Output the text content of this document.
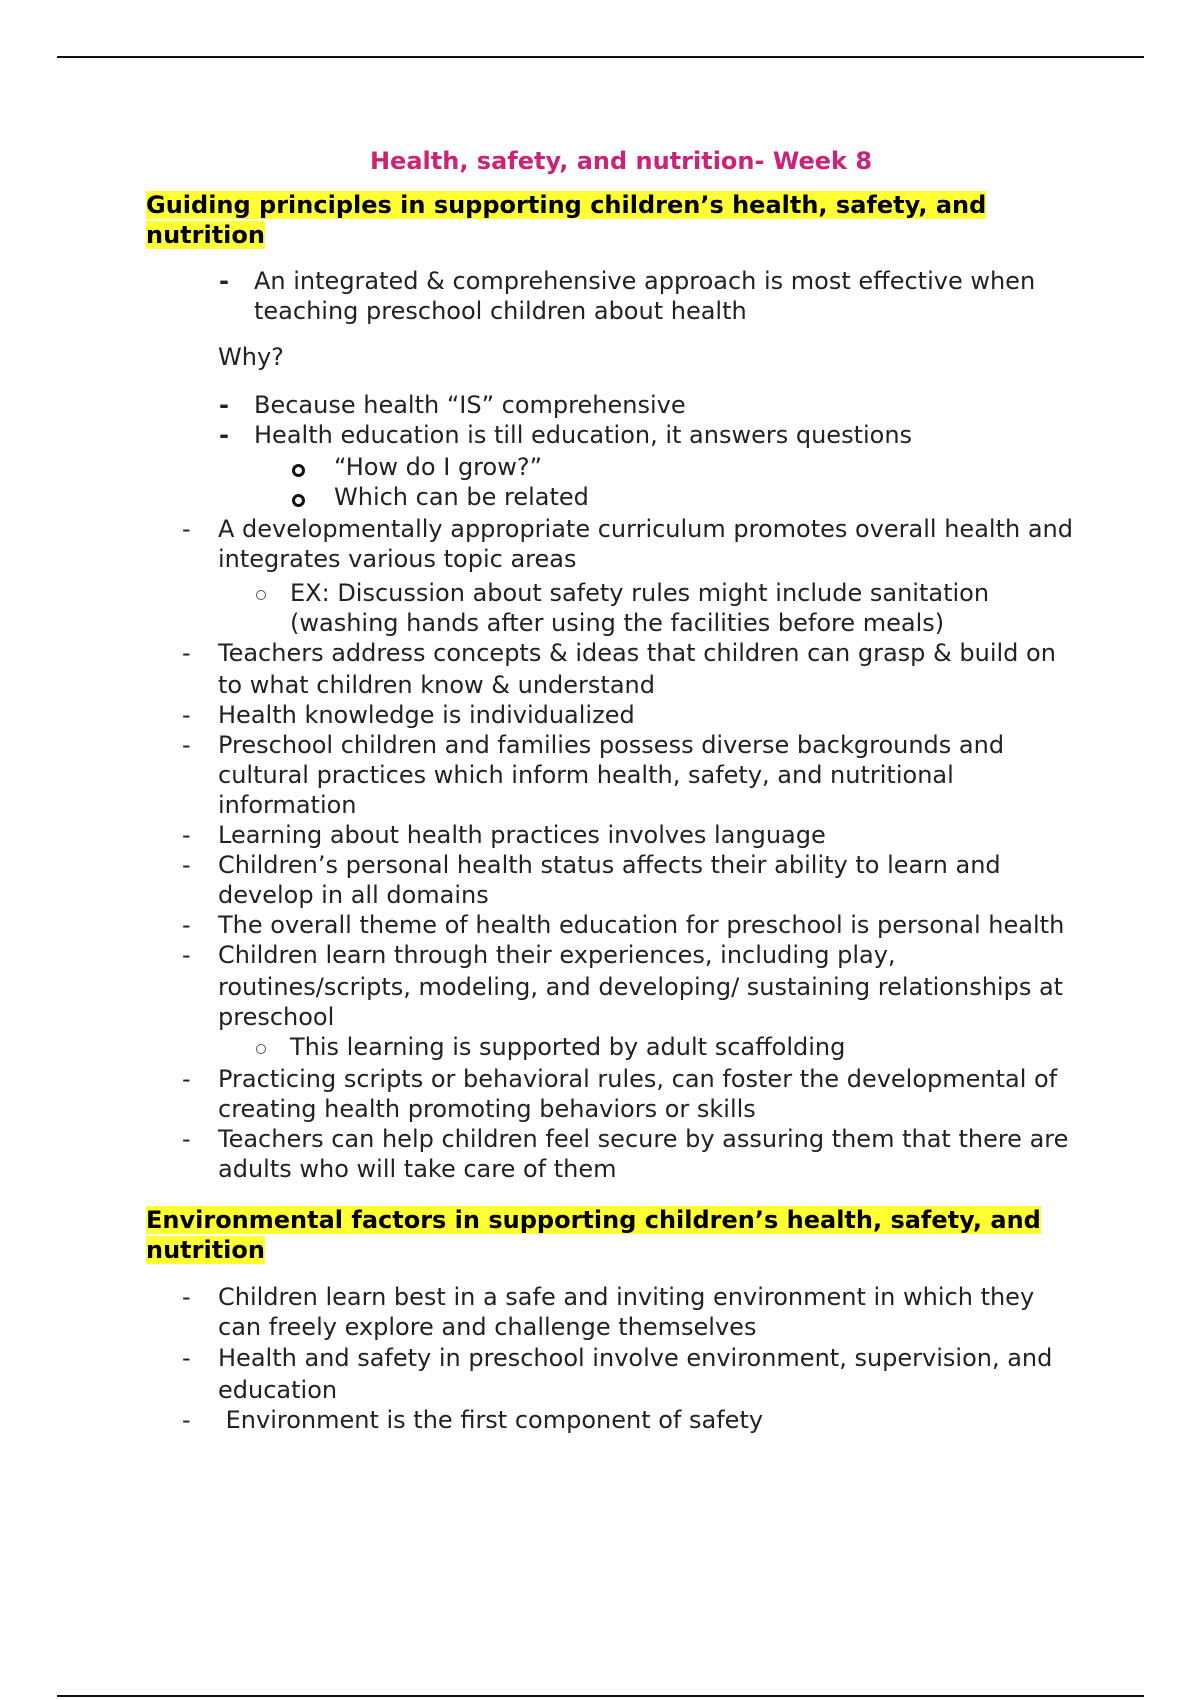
Health, safety, and nutrition- Week 8
Guiding principles in supporting children’s health, safety, and
nutrition
- An integrated & comprehensive approach is most effective when
teaching preschool children about health
Why?
- Because health “IS” comprehensive
- Health education is till education, it answers questions
“How do I grow?”
Which can be related
- A developmentally appropriate curriculum promotes overall health and
integrates various topic areas
EX: Discussion about safety rules might include sanitation
(washing hands after using the facilities before meals)
- Teachers address concepts & ideas that children can grasp & build on
to what children know & understand
- Health knowledge is individualized
- Preschool children and families possess diverse backgrounds and
cultural practices which inform health, safety, and nutritional
information
- Learning about health practices involves language
- Children’s personal health status affects their ability to learn and
develop in all domains
- The overall theme of health education for preschool is personal health
- Children learn through their experiences, including play,
routines/scripts, modeling, and developing/ sustaining relationships at
preschool
This learning is supported by adult scaffolding
- Practicing scripts or behavioral rules, can foster the developmental of
creating health promoting behaviors or skills
- Teachers can help children feel secure by assuring them that there are
adults who will take care of them
Environmental factors in supporting children’s health, safety, and
nutrition
- Children learn best in a safe and inviting environment in which they
can freely explore and challenge themselves
- Health and safety in preschool involve environment, supervision, and
education
- Environment is the first component of safety
